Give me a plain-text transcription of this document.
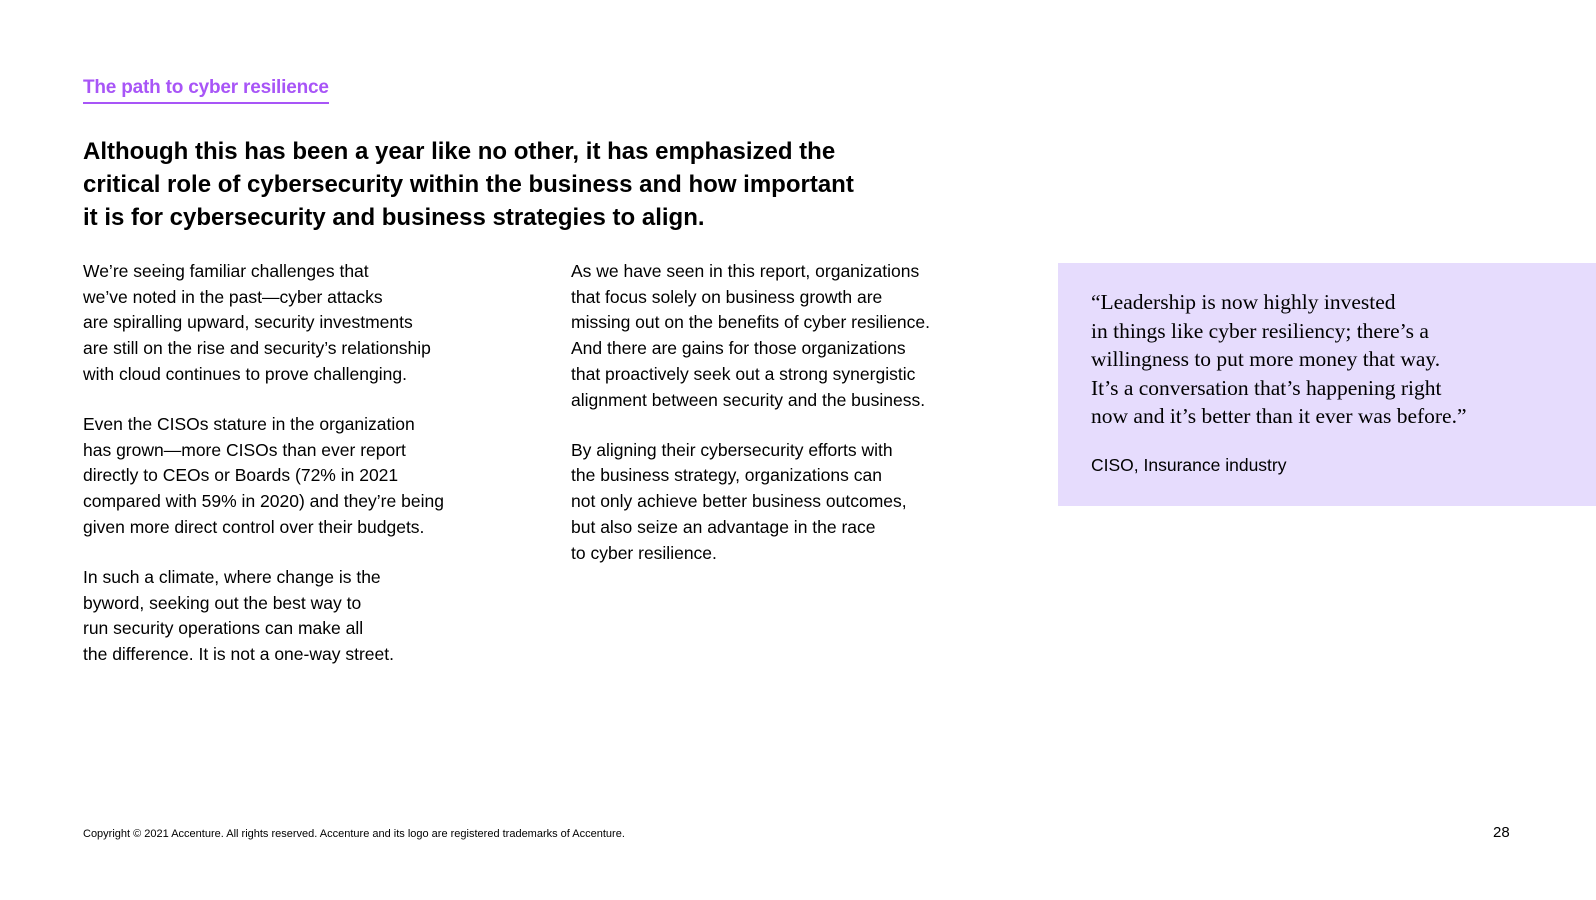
The path to cyber resilience
Although this has been a year like no other, it has emphasized the
critical role of cybersecurity within the business and how important
it is for cybersecurity and business strategies to align.

We’re seeing familiar challenges that
we’ve noted in the past—cyber attacks
are spiralling upward, security investments
are still on the rise and security’s relationship
with cloud continues to prove challenging.

Even the CISOs stature in the organization
has grown—more CISOs than ever report
directly to CEOs or Boards (72% in 2021
compared with 59% in 2020) and they’re being
given more direct control over their budgets.

In such a climate, where change is the
byword, seeking out the best way to
run security operations can make all
the difference. It is not a one-way street.

As we have seen in this report, organizations
that focus solely on business growth are
missing out on the benefits of cyber resilience.
And there are gains for those organizations
that proactively seek out a strong synergistic
alignment between security and the business.

By aligning their cybersecurity efforts with
the business strategy, organizations can
not only achieve better business outcomes,
but also seize an advantage in the race
to cyber resilience.

“Leadership is now highly invested
in things like cyber resiliency; there’s a
willingness to put more money that way.
It’s a conversation that’s happening right
now and it’s better than it ever was before.”
CISO, Insurance industry
Copyright © 2021 Accenture. All rights reserved. Accenture and its logo are registered trademarks of Accenture.	28
